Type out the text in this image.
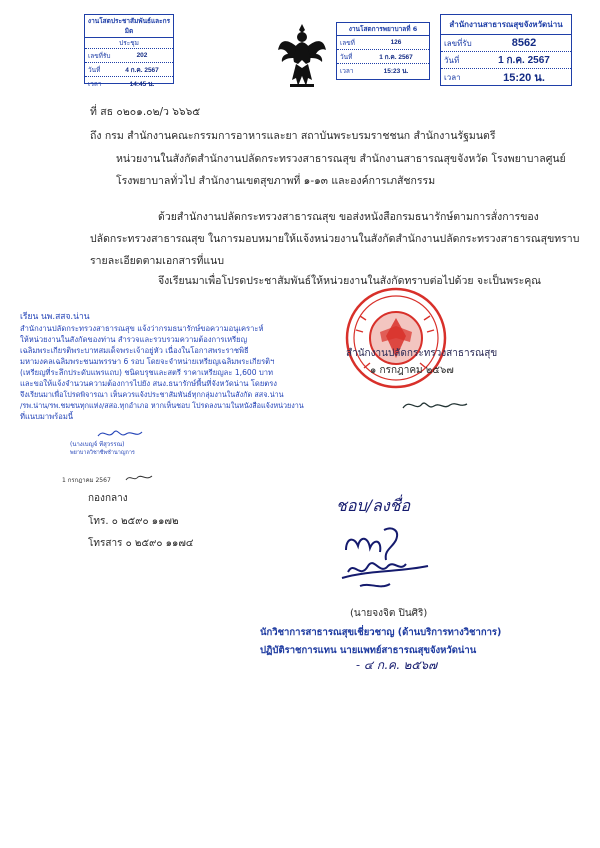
งานโสตประชาสัมพันธ์และกรมิต
ประชุม
เลขที่รับ	202
วันที่	4 ก.ค. 2567
เวลา	14:45 น.
งานโสตการพยาบาลที่ 6
เลขที่	126
วันที่	1 ก.ค. 2567
เวลา	15:23 น.
สำนักงานสาธารณสุขจังหวัดน่าน
เลขที่รับ	8562
วันที่	1 ก.ค. 2567
เวลา	15:20 น.
ที่ สธ ๐๒๐๑.๐๒/ว ๖๖๖๕
ถึง กรม สำนักงานคณะกรรมการอาหารและยา สถาบันพระบรมราชชนก สำนักงานรัฐมนตรี
หน่วยงานในสังกัดสำนักงานปลัดกระทรวงสาธารณสุข สำนักงานสาธารณสุขจังหวัด โรงพยาบาลศูนย์
โรงพยาบาลทั่วไป สำนักงานเขตสุขภาพที่ ๑-๑๓ และองค์การเภสัชกรรม
ด้วยสำนักงานปลัดกระทรวงสาธารณสุข ขอส่งหนังสือกรมธนารักษ์ตามการสั่งการของ
ปลัดกระทรวงสาธารณสุข ในการมอบหมายให้แจ้งหน่วยงานในสังกัดสำนักงานปลัดกระทรวงสาธารณสุขทราบ
รายละเอียดตามเอกสารที่แนบ
จึงเรียนมาเพื่อโปรดประชาสัมพันธ์ให้หน่วยงานในสังกัดทราบต่อไปด้วย จะเป็นพระคุณ
สำนักงานปลัดกระทรวงสาธารณสุข
๑ กรกฎาคม ๒๕๖๗
เรียน นพ.สสจ.น่าน
สำนักงานปลัดกระทรวงสาธารณสุข แจ้งว่ากรมธนารักษ์ขอความอนุเคราะห์
ให้หน่วยงานในสังกัดของท่าน สำรวจและรวบรวมความต้องการเหรียญ
เฉลิมพระเกียรติพระบาทสมเด็จพระเจ้าอยู่หัว เนื่องในโอกาสพระราชพิธี
มหามงคลเฉลิมพระชนมพรรษา 6 รอบ โดยจะจำหน่ายเหรียญเฉลิมพระเกียรติฯ
(เหรียญที่ระลึกประดับแพรแถบ) ชนิดบรุชและสตรี ราคาเหรียญละ 1,600 บาท
และขอให้แจ้งจำนวนความต้องการไปยัง สนง.ธนารักษ์พื้นที่จังหวัดน่าน โดยตรง
จึงเรียนมาเพื่อโปรดพิจารณา เห็นควรแจ้งประชาสัมพันธ์ทุกกลุ่มงานในสังกัด สสจ.น่าน
/รพ.น่าน/รพ.ชมชนทุกแห่ง/สสอ.ทุกอำเภอ หากเห็นชอบ โปรดลงนามในหนังสือแจ้งหน่วยงาน
ที่แนบมาพร้อมนี้
(นางเบญจ์ ทีสุวรรณ)
พยาบาลวิชาชีพชำนาญการ
1 กรกฎาคม 2567
กองกลาง
โทร. ๐ ๒๕๙๐ ๑๑๗๒
โทรสาร ๐ ๒๕๙๐ ๑๑๗๔
ชอบ/ลงชื่อ
(นายจงจิต ปินศิริ)
นักวิชาการสาธารณสุขเชี่ยวชาญ (ด้านบริการทางวิชาการ)
ปฏิบัติราชการแทน นายแพทย์สาธารณสุขจังหวัดน่าน
- ๔ ก.ค. ๒๕๖๗
